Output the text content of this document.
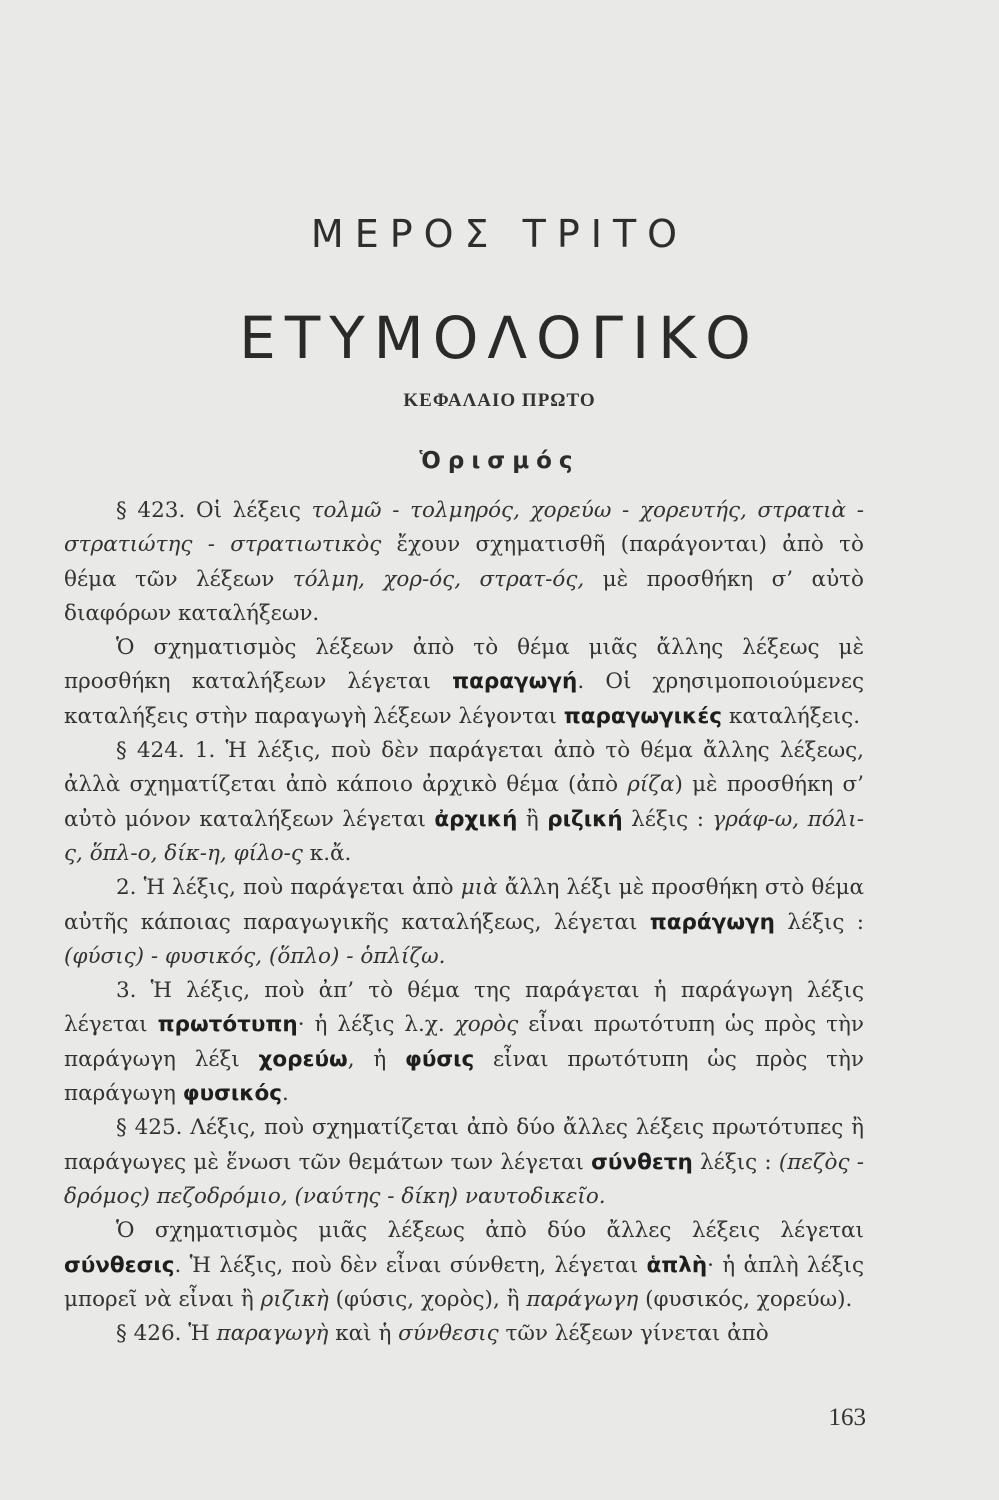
ΜΕΡΟΣ ΤΡΙΤΟ
ΕΤΥΜΟΛΟΓΙΚΟ
ΚΕΦΑΛΑΙΟ ΠΡΩΤΟ
Ὁρισμός

§ 423. Οἱ λέξεις τολμῶ - τολμηρός, χορεύω - χορευτής, στρατιὰ - στρατιώτης - στρατιωτικὸς ἔχουν σχηματισθῆ (παράγονται) ἀπὸ τὸ θέμα τῶν λέξεων τόλμη, χορ-ός, στρατ-ός, μὲ προσθήκη σ’ αὐτὸ διαφόρων καταλήξεων.

Ὁ σχηματισμὸς λέξεων ἀπὸ τὸ θέμα μιᾶς ἄλλης λέξεως μὲ προσθήκη καταλήξεων λέγεται παραγωγή. Οἱ χρησιμοποιούμενες καταλήξεις στὴν παραγωγὴ λέξεων λέγονται παραγωγικές καταλήξεις.

§ 424. 1. Ἡ λέξις, ποὺ δὲν παράγεται ἀπὸ τὸ θέμα ἄλλης λέξεως, ἀλλὰ σχηματίζεται ἀπὸ κάποιο ἀρχικὸ θέμα (ἀπὸ ρίζα) μὲ προσθήκη σ’ αὐτὸ μόνον καταλήξεων λέγεται ἀρχική ἢ ριζική λέξις : γράφ-ω, πόλι-ς, ὅπλ-ο, δίκ-η, φίλο-ς κ.ἄ.

2. Ἡ λέξις, ποὺ παράγεται ἀπὸ μιὰ ἄλλη λέξι μὲ προσθήκη στὸ θέμα αὐτῆς κάποιας παραγωγικῆς καταλήξεως, λέγεται παράγωγη λέξις : (φύσις) - φυσικός, (ὅπλο) - ὁπλίζω.

3. Ἡ λέξις, ποὺ ἀπ’ τὸ θέμα της παράγεται ἡ παράγωγη λέξις λέγεται πρωτότυπη· ἡ λέξις λ.χ. χορὸς εἶναι πρωτότυπη ὡς πρὸς τὴν παράγωγη λέξι χορεύω, ἡ φύσις εἶναι πρωτότυπη ὡς πρὸς τὴν παράγωγη φυσικός.

§ 425. Λέξις, ποὺ σχηματίζεται ἀπὸ δύο ἄλλες λέξεις πρωτότυπες ἢ παράγωγες μὲ ἕνωσι τῶν θεμάτων των λέγεται σύνθετη λέξις : (πεζὸς - δρόμος) πεζοδρόμιο, (ναύτης - δίκη) ναυτοδικεῖο.

Ὁ σχηματισμὸς μιᾶς λέξεως ἀπὸ δύο ἄλλες λέξεις λέγεται σύνθεσις. Ἡ λέξις, ποὺ δὲν εἶναι σύνθετη, λέγεται ἁπλὴ· ἡ ἁπλὴ λέξις μπορεῖ νὰ εἶναι ἢ ριζικὴ (φύσις, χορὸς), ἢ παράγωγη (φυσικός, χορεύω).

§ 426. Ἡ παραγωγὴ καὶ ἡ σύνθεσις τῶν λέξεων γίνεται ἀπὸ

163
